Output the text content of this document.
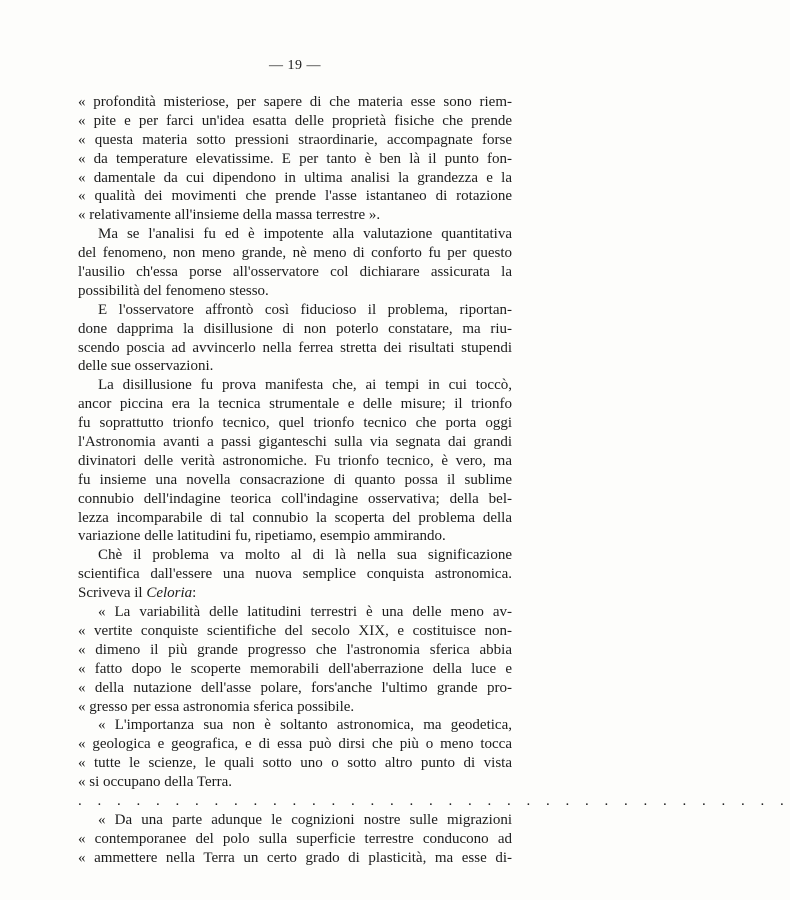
— 19 —
« profondità misteriose, per sapere di che materia esse sono riem-
« pite e per farci un'idea esatta delle proprietà fisiche che prende
« questa materia sotto pressioni straordinarie, accompagnate forse
« da temperature elevatissime. E per tanto è ben là il punto fon-
« damentale da cui dipendono in ultima analisi la grandezza e la
« qualità dei movimenti che prende l'asse istantaneo di rotazione
« relativamente all'insieme della massa terrestre ».
Ma se l'analisi fu ed è impotente alla valutazione quantitativa
del fenomeno, non meno grande, nè meno di conforto fu per questo
l'ausilio ch'essa porse all'osservatore col dichiarare assicurata la
possibilità del fenomeno stesso.
E l'osservatore affrontò così fiducioso il problema, riportan-
done dapprima la disillusione di non poterlo constatare, ma riu-
scendo poscia ad avvincerlo nella ferrea stretta dei risultati stupendi
delle sue osservazioni.
La disillusione fu prova manifesta che, ai tempi in cui toccò,
ancor piccina era la tecnica strumentale e delle misure; il trionfo
fu soprattutto trionfo tecnico, quel trionfo tecnico che porta oggi
l'Astronomia avanti a passi giganteschi sulla via segnata dai grandi
divinatori delle verità astronomiche. Fu trionfo tecnico, è vero, ma
fu insieme una novella consacrazione di quanto possa il sublime
connubio dell'indagine teorica coll'indagine osservativa; della bel-
lezza incomparabile di tal connubio la scoperta del problema della
variazione delle latitudini fu, ripetiamo, esempio ammirando.
Chè il problema va molto al di là nella sua significazione
scientifica dall'essere una nuova semplice conquista astronomica.
Scriveva il Celoria:
« La variabilità delle latitudini terrestri è una delle meno av-
« vertite conquiste scientifiche del secolo XIX, e costituisce non-
« dimeno il più grande progresso che l'astronomia sferica abbia
« fatto dopo le scoperte memorabili dell'aberrazione della luce e
« della nutazione dell'asse polare, fors'anche l'ultimo grande pro-
« gresso per essa astronomia sferica possibile.
« L'importanza sua non è soltanto astronomica, ma geodetica,
« geologica e geografica, e di essa può dirsi che più o meno tocca
« tutte le scienze, le quali sotto uno o sotto altro punto di vista
« si occupano della Terra.
. . . . . . . . . . . . . . . . . . . . . . . . . . . . . . . . . . . . .
« Da una parte adunque le cognizioni nostre sulle migrazioni
« contemporanee del polo sulla superficie terrestre conducono ad
« ammettere nella Terra un certo grado di plasticità, ma esse di-
